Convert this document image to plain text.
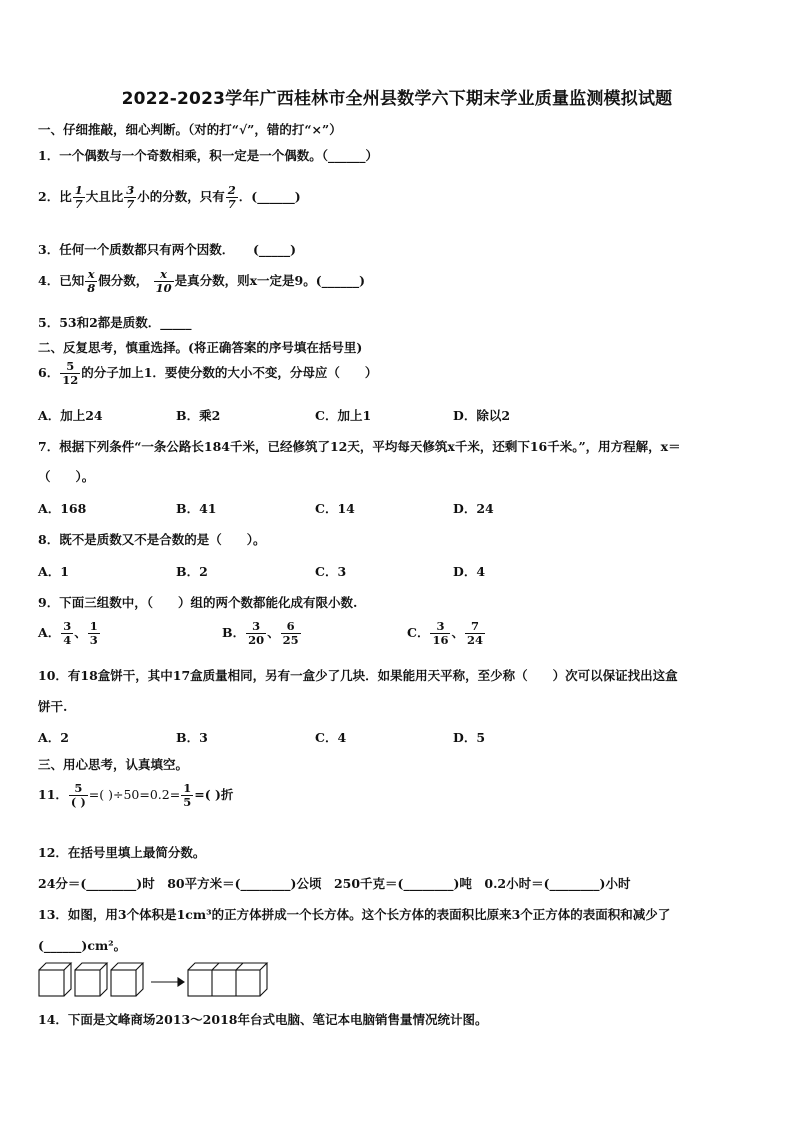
2022-2023学年广西桂林市全州县数学六下期末学业质量监测模拟试题
一、仔细推敲，细心判断。（对的打“√”，错的打“×”）
1．一个偶数与一个奇数相乘，积一定是一个偶数。（______）
2．比 $\frac{1}{7}$ 大且比 $\frac{3}{7}$ 小的分数，只有 $\frac{2}{7}$ ．(______)
3．任何一个质数都只有两个因数．　　(_____)
4．已知 $\frac{x}{8}$ 假分数， $\frac{x}{10}$ 是真分数，则x一定是9。(______)
5．53和2都是质数．_____
二、反复思考，慎重选择。(将正确答案的序号填在括号里)
6． $\frac{5}{12}$ 的分子加上1．要使分数的大小不变，分母应（　　）
A．加上24	B．乘2	C．加上1	D．除以2
7．根据下列条件“一条公路长184千米，已经修筑了12天，平均每天修筑x千米，还剩下16千米。”，用方程解，x＝
（　　）。
A．168	B．41	C．14	D．24
8．既不是质数又不是合数的是（　　）。
A．1	B．2	C．3	D．4
9．下面三组数中，（　　）组的两个数都能化成有限小数.
A． $\frac{3}{4}$ 、 $\frac{1}{3}$	B． $\frac{3}{20}$ 、 $\frac{6}{25}$	C． $\frac{3}{16}$ 、 $\frac{7}{24}$
10．有18盒饼干，其中17盒质量相同，另有一盒少了几块．如果能用天平称，至少称（　　）次可以保证找出这盒
饼干.
A．2	B．3	C．4	D．5
三、用心思考，认真填空。
11． $\frac{5}{( )}$ =( )$\div 50=0.2= \frac{1}{5}$ =( )折
12．在括号里填上最简分数。
24分＝(________)时　80平方米＝(________)公顷　250千克＝(________)吨　0.2小时＝(________)小时
13．如图，用3个体积是1cm³的正方体拼成一个长方体。这个长方体的表面积比原来3个正方体的表面积和减少了
(______)cm²。
14．下面是文峰商场2013～2018年台式电脑、笔记本电脑销售量情况统计图。
